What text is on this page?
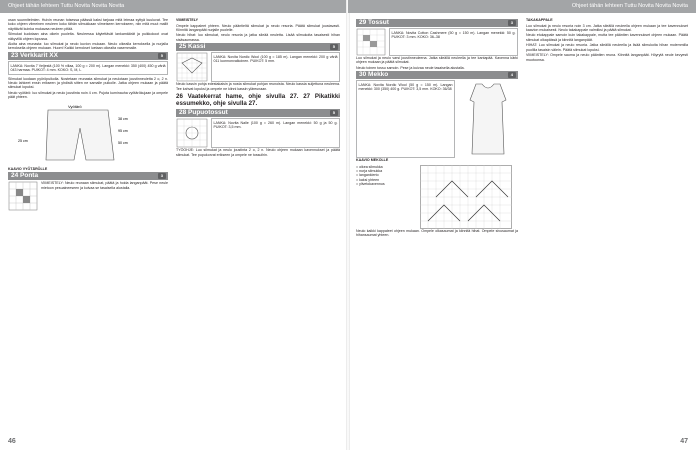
Ohjeet tähän lehteen Tuttu Novita Novita Novita

osan suunnitelmien. Huivin reunan toisessa päässä kaksi tarjoaa mitä leimaa syttyä kuuluvat. Tee koko ohjeen viimeinen neuleen koko tähän silmukkaan viimeiseen kerrokseen, niin mitä muut mallit näyttävät kuinka mukavaa neuleen pitää.

Silmukat kudotaan aina oikein puolelta. Neuleessa käytettävät lankamäärät ja puikkokoot ovat näkyvillä ohjeen lopussa.

Aloita aina reunasta: luo silmukat ja neulo kuvion mukaan. Neulo oikealla kerroksella ja nurjalla kerroksella ohjeen mukaan. Huom! Kaikki kerrokset luetaan oikealta vasemmalle.

23 Verkkarit XX	5
LANKA: Novita 7 Veljestä (100 % villaa, 100 g = 200 m). Langan menekki: 350 (400) 450 g väriä 043 harmaa. PUIKOT: 4 mm. KOKO: S, M, L

Silmukat luodaan pyöröpuikolla. Nostetaan reunasta silmukat ja neulotaan joustinneuletta 2 o, 2 n. Neulo lahkeet ensin erikseen ja yhdistä sitten ne samalle puikolle. Jatka ohjeen mukaan ja päätä silmukat lopuksi.

Neulo vyötärö: luo silmukat ja neulo joustinta noin 4 cm. Pujota kuminauha vyötärökujaan ja ompele päät yhteen.

Vyötärö
38 cm
95 cm
50 cm
25 cm

KAAVIO VYÖTÄRÖLLE

24 Ponta	3

VIIMEISTELY: Neulo reunaan silmukat, päätä ja hoida langanpäät. Pese neule mietoon pesuaineeseen ja kuivaa se tasaisella alustalla.

VIIMEISTELY

Ompele kappaleet yhteen. Neulo pääntieltä silmukat ja neulo resoria. Päätä silmukat joustavasti. Kiinnitä langanpäät nurjalle puolelle.

Neulo hihat: luo silmukat, neulo resoria ja jatka sileää neuletta. Lisää silmukoita tasaisesti hihan sisäsaumassa.

25 Kassi	5
LANKA: Novita Nordic Wool (100 g = 185 m). Langan menekki: 200 g väriä 011 luonnonvalkoinen. PUIKOT: 5 mm.

Neulo kassin pohja edestakaisin ja nosta silmukat pohjan reunoista. Neulo kassia suljettuna neuleena. Tee kahvat lopuksi ja ompele ne kiinni kassin yläreunaan.

26 Vaatekerrat hame, ohje sivulla 27. 27 Pikatikki essumekko, ohje sivulla 27.
28 Pupuotossut	5
LANKA: Novita Nalle (100 g = 260 m). Langan menekki: 50 g ja 50 g. PUIKOT: 3,5 mm.

TYÖOHJE: Luo silmukat ja neulo joustinta 2 o, 2 n. Neulo ohjeen mukaan kavennukset ja päätä silmukat. Tee pupukorvat erikseen ja ompele ne tossuihin.

46
Ohjeet tähän lehteen Tuttu Novita Novita Novita
29 Tossut	3
LANKA: Novita Cotton Cashmere (50 g = 150 m). Langan menekki: 50 g. PUIKOT: 3 mm. KOKO: 36–38

Luo silmukat ja neulo varsi joustinneuleena. Jatka sileällä neuleella ja tee kantapää. Kavenna kärki ohjeen mukaan ja päätä silmukat.

Neulo toinen tossu samoin. Pese ja kuivaa neule tasaisella alustalla.

30 Mekko	4
LANKA: Novita Nordic Wool (50 g = 150 m). Langan menekki: 300 (350) 400 g. PUIKOT: 3,5 mm. KOKO: 36/38

KAAVIO MEKOLLE

= oikea silmukka
= nurja silmukka
= langankierto
= kaksi yhteen
= ylivetokavennus

Neulo kaikki kappaleet ohjeen mukaan. Ompele olkasaumat ja kiinnitä hihat. Ompele sivusaumat ja hihansaumat yhteen.

TAKAKAPPALE

Luo silmukat ja neulo resoria noin 3 cm. Jatka sileällä neuleella ohjeen mukaan ja tee kavennukset kaavion mukaisesti. Neulo takakappale valmiiksi ja päätä silmukat.

Neulo etukappale samoin kuin takakappale, mutta tee pääntien kavennukset ohjeen mukaan. Päätä silmukat olkapäissä ja kiinnitä langanpäät.

HIHAT: Luo silmukat ja neulo resoria. Jatka sileällä neuleella ja lisää silmukoita hihan molemmilla puolilla tasaisin välein. Päätä silmukat lopuksi.

VIIMEISTELY: Ompele sauma ja neulo pääntien reuna. Kiinnitä langanpäät. Höyrytä neule kevyesti muotoonsa.

47
